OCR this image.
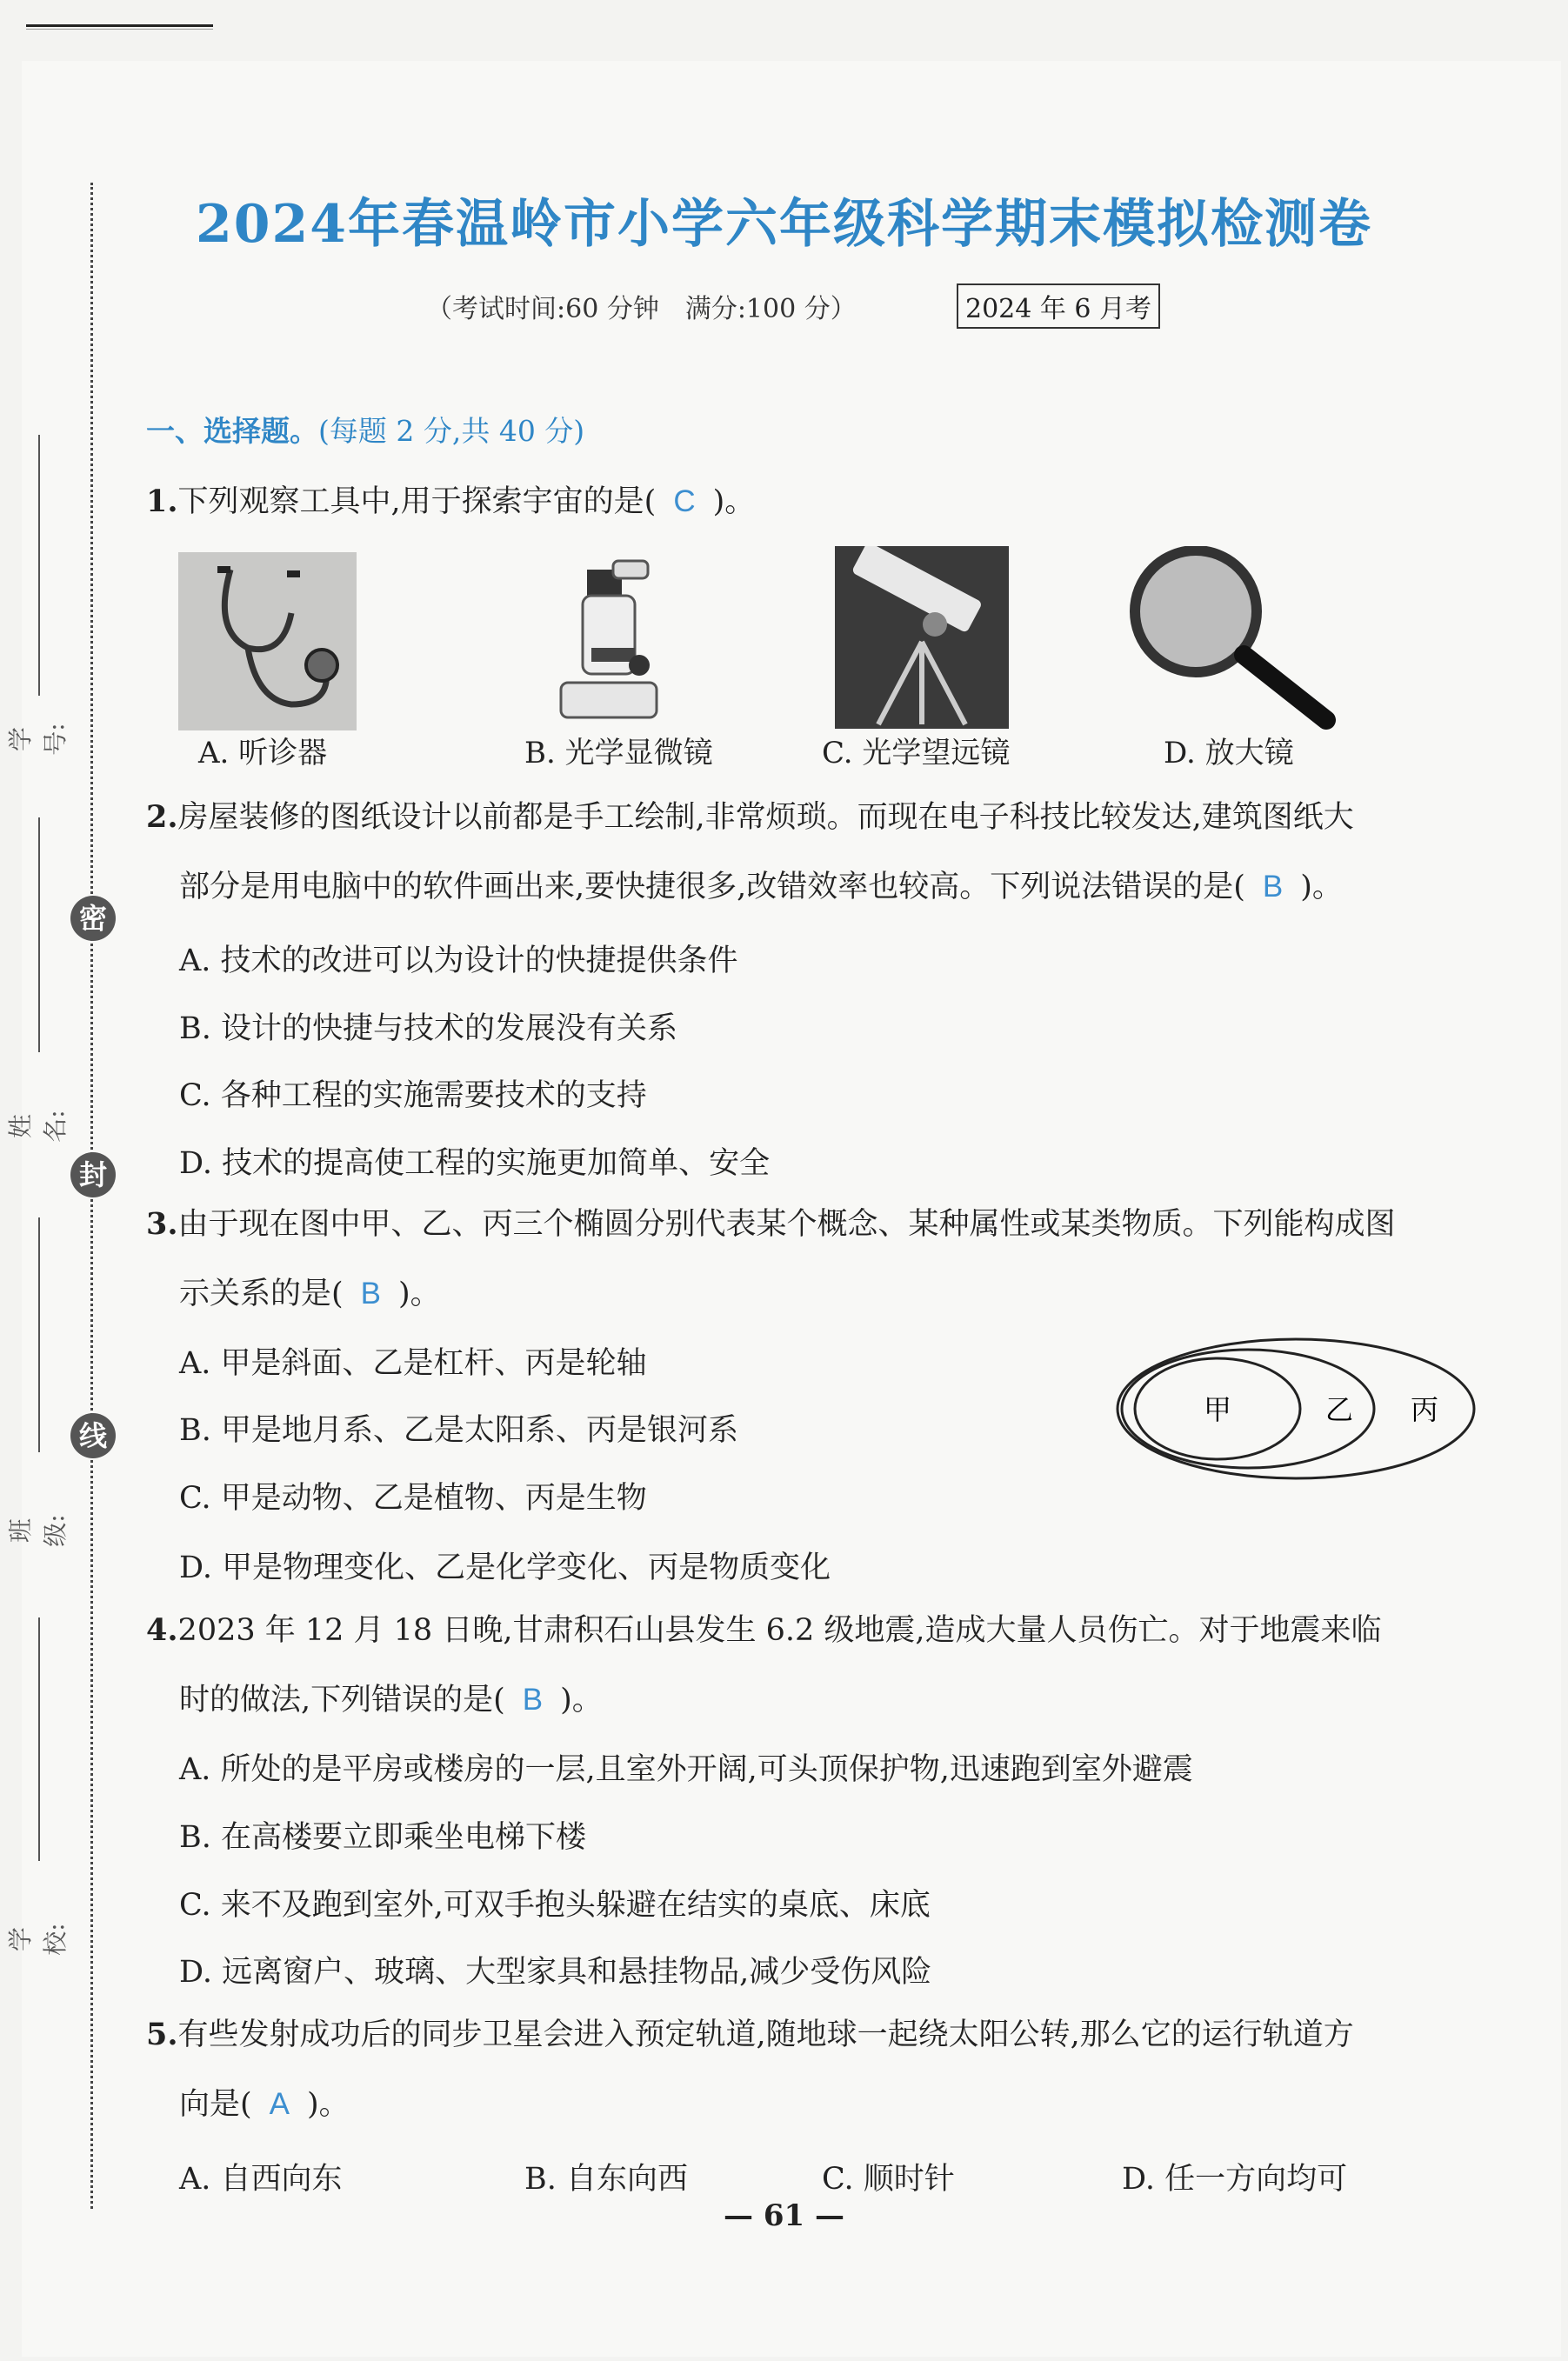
学号:
姓名:
班级:
学校:
密
封
线
2024年春温岭市小学六年级科学期末模拟检测卷
（考试时间:60 分钟　满分:100 分）	2024 年 6 月考
一、选择题。(每题 2 分,共 40 分)
1.下列观察工具中,用于探索宇宙的是( C )。
A. 听诊器	B. 光学显微镜	C. 光学望远镜	D. 放大镜
2.房屋装修的图纸设计以前都是手工绘制,非常烦琐。而现在电子科技比较发达,建筑图纸大
部分是用电脑中的软件画出来,要快捷很多,改错效率也较高。下列说法错误的是( B )。
A. 技术的改进可以为设计的快捷提供条件
B. 设计的快捷与技术的发展没有关系
C. 各种工程的实施需要技术的支持
D. 技术的提高使工程的实施更加简单、安全
3.由于现在图中甲、乙、丙三个椭圆分别代表某个概念、某种属性或某类物质。下列能构成图
示关系的是( B )。
A. 甲是斜面、乙是杠杆、丙是轮轴
B. 甲是地月系、乙是太阳系、丙是银河系
C. 甲是动物、乙是植物、丙是生物
D. 甲是物理变化、乙是化学变化、丙是物质变化
甲	乙 丙
4.2023 年 12 月 18 日晚,甘肃积石山县发生 6.2 级地震,造成大量人员伤亡。对于地震来临
时的做法,下列错误的是( B )。
A. 所处的是平房或楼房的一层,且室外开阔,可头顶保护物,迅速跑到室外避震
B. 在高楼要立即乘坐电梯下楼
C. 来不及跑到室外,可双手抱头躲避在结实的桌底、床底
D. 远离窗户、玻璃、大型家具和悬挂物品,减少受伤风险
5.有些发射成功后的同步卫星会进入预定轨道,随地球一起绕太阳公转,那么它的运行轨道方
向是( A )。
A. 自西向东	B. 自东向西	C. 顺时针	D. 任一方向均可
— 61 —
